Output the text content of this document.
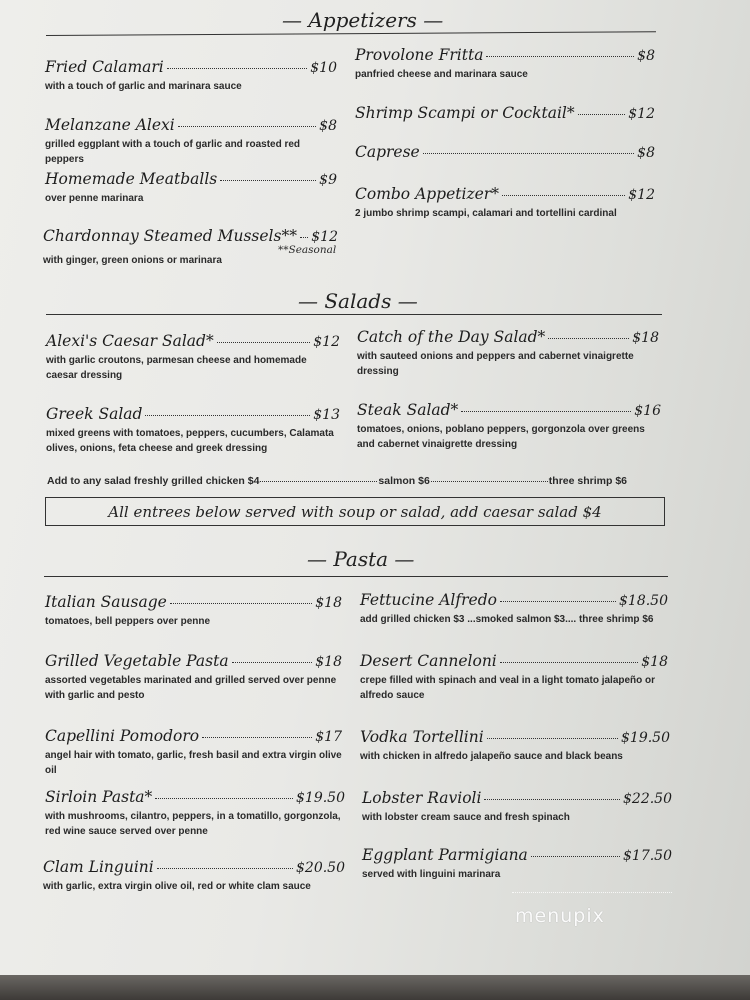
— Appetizers —
Fried Calamari	$10
with a touch of garlic and marinara sauce
Provolone Fritta	$8
panfried cheese and marinara sauce
Melanzane Alexi	$8
grilled eggplant with a touch of garlic and roasted red peppers
Shrimp Scampi or Cocktail*	$12
Caprese	$8
Homemade Meatballs	$9
over penne marinara	Combo Appetizer*	$12
2 jumbo shrimp scampi, calamari and tortellini cardinal
Chardonnay Steamed Mussels** $12
with ginger, green onions or marinara
**Seasonal
— Salads —
Alexi's Caesar Salad*	$12
with garlic croutons, parmesan cheese and homemade caesar dressing
Catch of the Day Salad*	$18
with sauteed onions and peppers and cabernet vinaigrette dressing
Greek Salad	$13
mixed greens with tomatoes, peppers, cucumbers, Calamata olives, onions, feta cheese and greek dressing
Steak Salad*	$16
tomatoes, onions, poblano peppers, gorgonzola over greens and cabernet vinaigrette dressing
Add to any salad freshly grilled chicken $4	salmon $6	three shrimp $6
All entrees below served with soup or salad, add caesar salad $4
— Pasta —
Italian Sausage	$18
tomatoes, bell peppers over penne
Fettucine Alfredo	$18.50
add grilled chicken $3 ...smoked salmon $3.... three shrimp $6
Grilled Vegetable Pasta	$18
assorted vegetables marinated and grilled served over penne with garlic and pesto
Desert Canneloni	$18
crepe filled with spinach and veal in a light tomato jalapeño or alfredo sauce
Capellini Pomodoro	$17
angel hair with tomato, garlic, fresh basil and extra virgin olive oil
Vodka Tortellini	$19.50
with chicken in alfredo jalapeño sauce and black beans
Sirloin Pasta*	$19.50
with mushrooms, cilantro, peppers, in a tomatillo, gorgonzola, red wine sauce served over penne
Lobster Ravioli	$22.50
with lobster cream sauce and fresh spinach
Eggplant Parmigiana	$17.50
served with linguini marinara
Clam Linguini	$20.50
with garlic, extra virgin olive oil, red or white clam sauce
menupix
